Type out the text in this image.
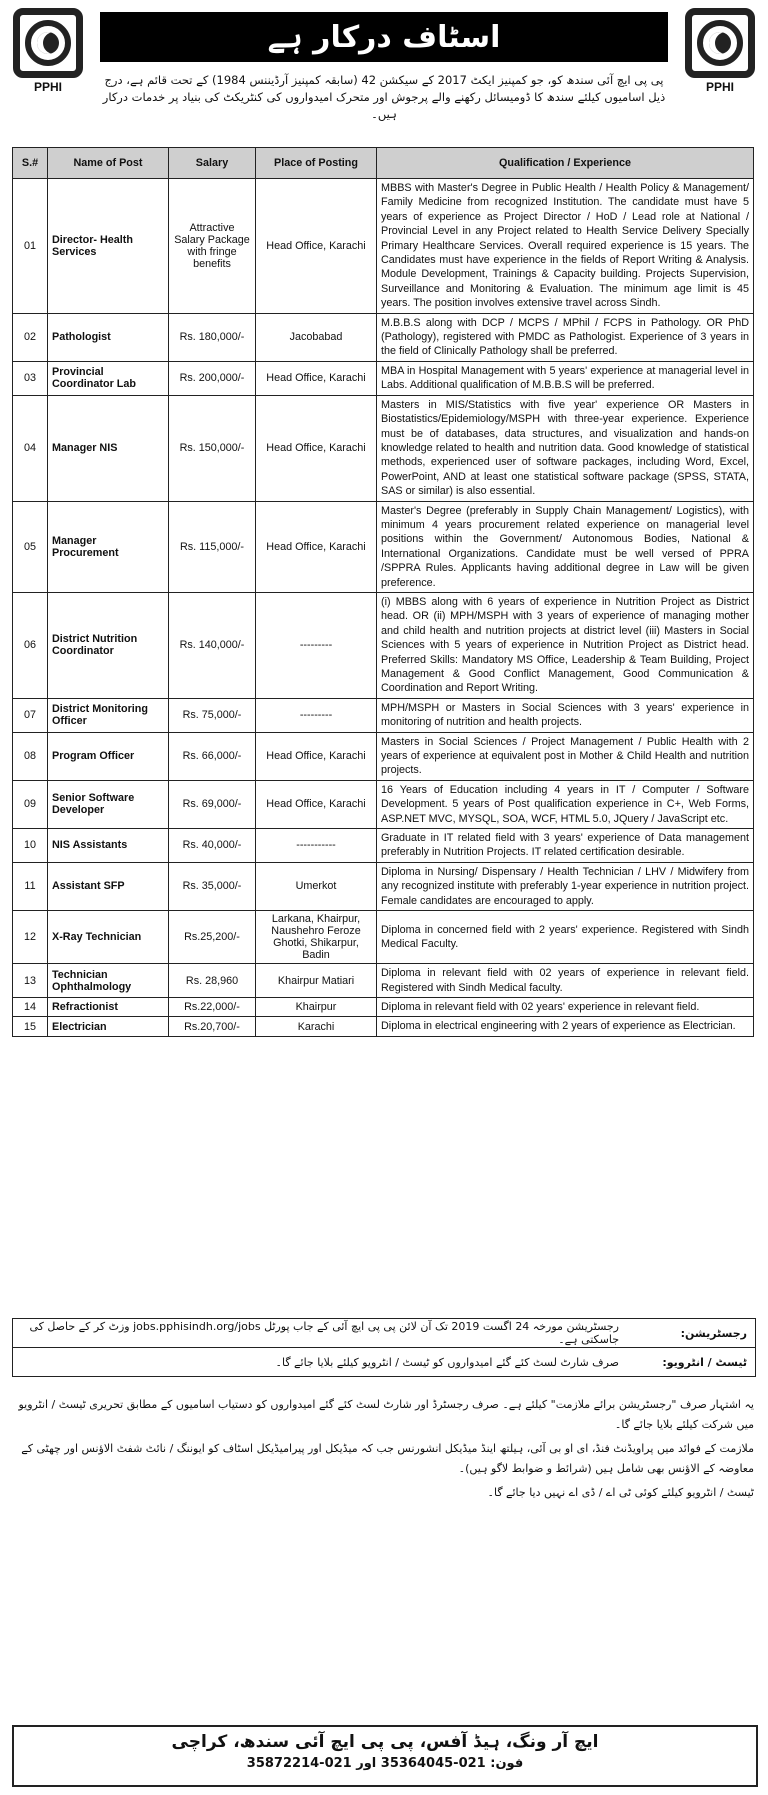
PPHI	PPHI
اسٹاف درکار ہے
پی پی ایچ آئی سندھ کو، جو کمپنیز ایکٹ 2017 کے سیکشن 42 (سابقہ کمپنیز آرڈیننس 1984) کے تحت قائم ہے، درج ذیل اسامیوں کیلئے سندھ کا ڈومیسائل رکھنے والے پرجوش اور متحرک امیدواروں کی کنٹریکٹ کی بنیاد پر خدمات درکار ہیں۔
S.#	Name of Post	Salary	Place of Posting	Qualification / Experience
01	Director- Health Services	Attractive Salary Package with fringe benefits	Head Office, Karachi	MBBS with Master's Degree in Public Health / Health Policy & Management/ Family Medicine from recognized Institution. The candidate must have 5 years of experience as Project Director / HoD / Lead role at National / Provincial Level in any Project related to Health Service Delivery Specially Primary Healthcare Services. Overall required experience is 15 years. The Candidates must have experience in the fields of Report Writing & Analysis. Module Development, Trainings & Capacity building. Projects Supervision, Surveillance and Monitoring & Evaluation. The minimum age limit is 45 years. The position involves extensive travel across Sindh.
02	Pathologist	Rs. 180,000/-	Jacobabad	M.B.B.S along with DCP / MCPS / MPhil / FCPS in Pathology. OR PhD (Pathology), registered with PMDC as Pathologist. Experience of 3 years in the field of Clinically Pathology shall be preferred.
03	Provincial Coordinator Lab	Rs. 200,000/-	Head Office, Karachi	MBA in Hospital Management with 5 years' experience at managerial level in Labs. Additional qualification of M.B.B.S will be preferred.
04	Manager NIS	Rs. 150,000/-	Head Office, Karachi	Masters in MIS/Statistics with five year' experience OR Masters in Biostatistics/Epidemiology/MSPH with three-year experience. Experience must be of databases, data structures, and visualization and hands-on knowledge related to health and nutrition data. Good knowledge of statistical methods, experienced user of software packages, including Word, Excel, PowerPoint, AND at least one statistical software package (SPSS, STATA, SAS or similar) is also essential.
05	Manager Procurement	Rs. 115,000/-	Head Office, Karachi	Master's Degree (preferably in Supply Chain Management/ Logistics), with minimum 4 years procurement related experience on managerial level positions within the Government/ Autonomous Bodies, National & International Organizations. Candidate must be well versed of PPRA /SPPRA Rules. Applicants having additional degree in Law will be given preference.
06	District Nutrition Coordinator	Rs. 140,000/-	---------	(i) MBBS along with 6 years of experience in Nutrition Project as District head. OR (ii) MPH/MSPH with 3 years of experience of managing mother and child health and nutrition projects at district level (iii) Masters in Social Sciences with 5 years of experience in Nutrition Project as District head. Preferred Skills: Mandatory MS Office, Leadership & Team Building, Project Management & Good Conflict Management, Good Communication & Coordination and Report Writing.
07	District Monitoring Officer	Rs. 75,000/-	---------	MPH/MSPH or Masters in Social Sciences with 3 years' experience in monitoring of nutrition and health projects.
08	Program Officer	Rs. 66,000/-	Head Office, Karachi	Masters in Social Sciences / Project Management / Public Health with 2 years of experience at equivalent post in Mother & Child Health and nutrition projects.
09	Senior Software Developer	Rs. 69,000/-	Head Office, Karachi	16 Years of Education including 4 years in IT / Computer / Software Development. 5 years of Post qualification experience in C+, Web Forms, ASP.NET MVC, MYSQL, SOA, WCF, HTML 5.0, JQuery / JavaScript etc.
10	NIS Assistants	Rs. 40,000/-	-----------	Graduate in IT related field with 3 years' experience of Data management preferably in Nutrition Projects. IT related certification desirable.
11	Assistant SFP	Rs. 35,000/-	Umerkot	Diploma in Nursing/ Dispensary / Health Technician / LHV / Midwifery from any recognized institute with preferably 1-year experience in nutrition project. Female candidates are encouraged to apply.
12	X-Ray Technician	Rs.25,200/-	Larkana, Khairpur, Naushehro Feroze Ghotki, Shikarpur, Badin	Diploma in concerned field with 2 years' experience. Registered with Sindh Medical Faculty.
13	Technician Ophthalmology	Rs. 28,960	Khairpur Matiari	Diploma in relevant field with 02 years of experience in relevant field. Registered with Sindh Medical faculty.
14	Refractionist	Rs.22,000/-	Khairpur	Diploma in relevant field with 02 years' experience in relevant field.
15	Electrician	Rs.20,700/-	Karachi	Diploma in electrical engineering with 2 years of experience as Electrician.
رجسٹریشن:
رجسٹریشن مورخہ 24 اگست 2019 تک آن لائن پی پی ایچ آئی کے جاب پورٹل jobs.pphisindh.org/jobs وزٹ کر کے حاصل کی جاسکتی ہے۔
ٹیسٹ / انٹرویو:
صرف شارٹ لسٹ کئے گئے امیدواروں کو ٹیسٹ / انٹرویو کیلئے بلایا جائے گا۔

یہ اشتہار صرف "رجسٹریشن برائے ملازمت" کیلئے ہے۔ صرف رجسٹرڈ اور شارٹ لسٹ کئے گئے امیدواروں کو دستیاب اسامیوں کے مطابق تحریری ٹیسٹ / انٹرویو میں شرکت کیلئے بلایا جائے گا۔

ملازمت کے فوائد میں پراویڈنٹ فنڈ، ای او بی آئی، ہیلتھ اینڈ میڈیکل انشورنس جب کہ میڈیکل اور پیرامیڈیکل اسٹاف کو ایوننگ / نائٹ شفٹ الاؤنس اور چھٹی کے معاوضہ کے الاؤنس بھی شامل ہیں (شرائط و ضوابط لاگو ہیں)۔

ٹیسٹ / انٹرویو کیلئے کوئی ٹی اے / ڈی اے نہیں دیا جائے گا۔

ایچ آر ونگ، ہیڈ آفس، پی پی ایچ آئی سندھ، کراچی
فون: 021-35364045 اور 021-35872214
